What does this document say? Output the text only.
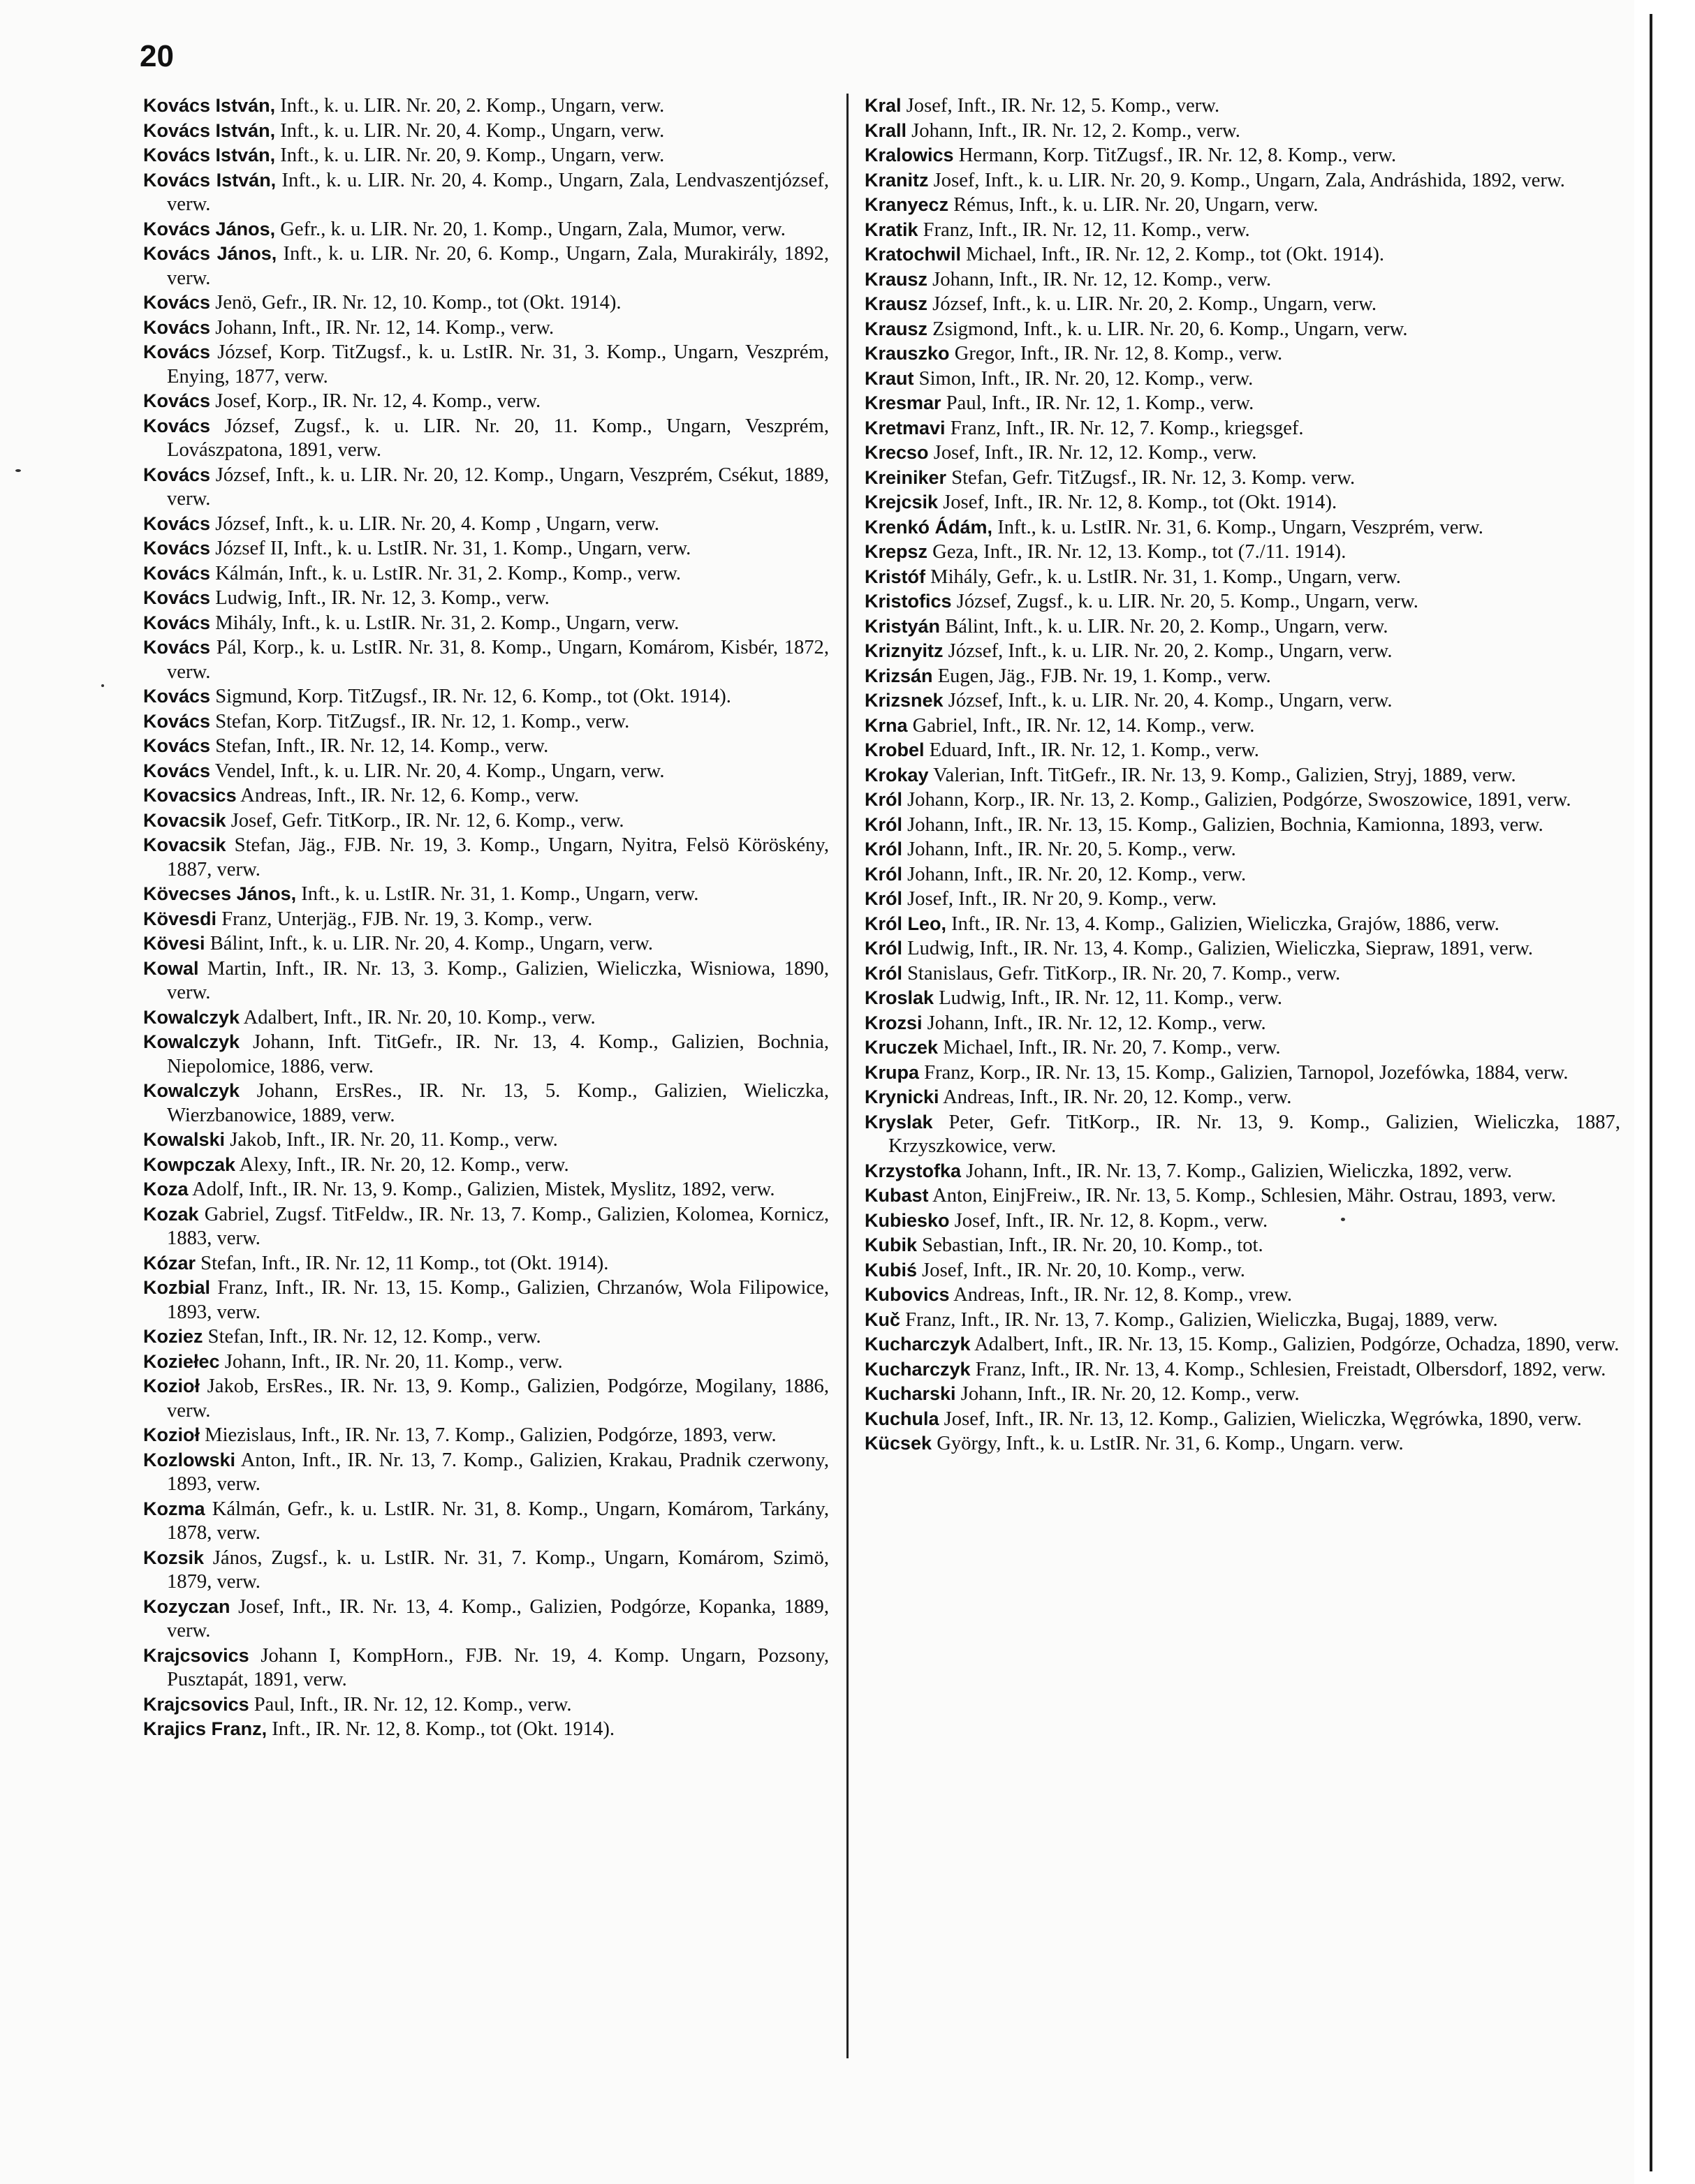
20
Kovács István, Inft., k. u. LIR. Nr. 20, 2. Komp., Ungarn, verw.
Kovács István, Inft., k. u. LIR. Nr. 20, 4. Komp., Ungarn, verw.
Kovács István, Inft., k. u. LIR. Nr. 20, 9. Komp., Ungarn, verw.
Kovács István, Inft., k. u. LIR. Nr. 20, 4. Komp., Ungarn, Zala, Lendvaszentjózsef, verw.
Kovács János, Gefr., k. u. LIR. Nr. 20, 1. Komp., Ungarn, Zala, Mumor, verw.
Kovács János, Inft., k. u. LIR. Nr. 20, 6. Komp., Ungarn, Zala, Murakirály, 1892, verw.
Kovács Jenö, Gefr., IR. Nr. 12, 10. Komp., tot (Okt. 1914).
Kovács Johann, Inft., IR. Nr. 12, 14. Komp., verw.
Kovács József, Korp. TitZugsf., k. u. LstIR. Nr. 31, 3. Komp., Ungarn, Veszprém, Enying, 1877, verw.
Kovács Josef, Korp., IR. Nr. 12, 4. Komp., verw.
Kovács József, Zugsf., k. u. LIR. Nr. 20, 11. Komp., Ungarn, Veszprém, Lovászpatona, 1891, verw.
Kovács József, Inft., k. u. LIR. Nr. 20, 12. Komp., Ungarn, Veszprém, Csékut, 1889, verw.
Kovács József, Inft., k. u. LIR. Nr. 20, 4. Komp , Ungarn, verw.
Kovács József II, Inft., k. u. LstIR. Nr. 31, 1. Komp., Ungarn, verw.
Kovács Kálmán, Inft., k. u. LstIR. Nr. 31, 2. Komp., Komp., verw.
Kovács Ludwig, Inft., IR. Nr. 12, 3. Komp., verw.
Kovács Mihály, Inft., k. u. LstIR. Nr. 31, 2. Komp., Ungarn, verw.
Kovács Pál, Korp., k. u. LstIR. Nr. 31, 8. Komp., Ungarn, Komárom, Kisbér, 1872, verw.
Kovács Sigmund, Korp. TitZugsf., IR. Nr. 12, 6. Komp., tot (Okt. 1914).
Kovács Stefan, Korp. TitZugsf., IR. Nr. 12, 1. Komp., verw.
Kovács Stefan, Inft., IR. Nr. 12, 14. Komp., verw.
Kovács Vendel, Inft., k. u. LIR. Nr. 20, 4. Komp., Ungarn, verw.
Kovacsics Andreas, Inft., IR. Nr. 12, 6. Komp., verw.
Kovacsik Josef, Gefr. TitKorp., IR. Nr. 12, 6. Komp., verw.
Kovacsik Stefan, Jäg., FJB. Nr. 19, 3. Komp., Ungarn, Nyitra, Felsö Köröskény, 1887, verw.
Kövecses János, Inft., k. u. LstIR. Nr. 31, 1. Komp., Ungarn, verw.
Kövesdi Franz, Unterjäg., FJB. Nr. 19, 3. Komp., verw.
Kövesi Bálint, Inft., k. u. LIR. Nr. 20, 4. Komp., Ungarn, verw.
Kowal Martin, Inft., IR. Nr. 13, 3. Komp., Galizien, Wieliczka, Wisniowa, 1890, verw.
Kowalczyk Adalbert, Inft., IR. Nr. 20, 10. Komp., verw.
Kowalczyk Johann, Inft. TitGefr., IR. Nr. 13, 4. Komp., Galizien, Bochnia, Niepolomice, 1886, verw.
Kowalczyk Johann, ErsRes., IR. Nr. 13, 5. Komp., Galizien, Wieliczka, Wierzbanowice, 1889, verw.
Kowalski Jakob, Inft., IR. Nr. 20, 11. Komp., verw.
Kowpczak Alexy, Inft., IR. Nr. 20, 12. Komp., verw.
Koza Adolf, Inft., IR. Nr. 13, 9. Komp., Galizien, Mistek, Myslitz, 1892, verw.
Kozak Gabriel, Zugsf. TitFeldw., IR. Nr. 13, 7. Komp., Galizien, Kolomea, Kornicz, 1883, verw.
Kózar Stefan, Inft., IR. Nr. 12, 11 Komp., tot (Okt. 1914).
Kozbial Franz, Inft., IR. Nr. 13, 15. Komp., Galizien, Chrzanów, Wola Filipowice, 1893, verw.
Koziez Stefan, Inft., IR. Nr. 12, 12. Komp., verw.
Koziełec Johann, Inft., IR. Nr. 20, 11. Komp., verw.
Kozioł Jakob, ErsRes., IR. Nr. 13, 9. Komp., Galizien, Podgórze, Mogilany, 1886, verw.
Kozioł Miezislaus, Inft., IR. Nr. 13, 7. Komp., Galizien, Podgórze, 1893, verw.
Kozlowski Anton, Inft., IR. Nr. 13, 7. Komp., Galizien, Krakau, Pradnik czerwony, 1893, verw.
Kozma Kálmán, Gefr., k. u. LstIR. Nr. 31, 8. Komp., Ungarn, Komárom, Tarkány, 1878, verw.
Kozsik János, Zugsf., k. u. LstIR. Nr. 31, 7. Komp., Ungarn, Komárom, Szimö, 1879, verw.
Kozyczan Josef, Inft., IR. Nr. 13, 4. Komp., Galizien, Podgórze, Kopanka, 1889, verw.
Krajcsovics Johann I, KompHorn., FJB. Nr. 19, 4. Komp. Ungarn, Pozsony, Pusztapát, 1891, verw.
Krajcsovics Paul, Inft., IR. Nr. 12, 12. Komp., verw.
Krajics Franz, Inft., IR. Nr. 12, 8. Komp., tot (Okt. 1914).
Kral Josef, Inft., IR. Nr. 12, 5. Komp., verw.
Krall Johann, Inft., IR. Nr. 12, 2. Komp., verw.
Kralowics Hermann, Korp. TitZugsf., IR. Nr. 12, 8. Komp., verw.
Kranitz Josef, Inft., k. u. LIR. Nr. 20, 9. Komp., Ungarn, Zala, Andráshida, 1892, verw.
Kranyecz Rémus, Inft., k. u. LIR. Nr. 20, Ungarn, verw.
Kratik Franz, Inft., IR. Nr. 12, 11. Komp., verw.
Kratochwil Michael, Inft., IR. Nr. 12, 2. Komp., tot (Okt. 1914).
Krausz Johann, Inft., IR. Nr. 12, 12. Komp., verw.
Krausz József, Inft., k. u. LIR. Nr. 20, 2. Komp., Ungarn, verw.
Krausz Zsigmond, Inft., k. u. LIR. Nr. 20, 6. Komp., Ungarn, verw.
Krauszko Gregor, Inft., IR. Nr. 12, 8. Komp., verw.
Kraut Simon, Inft., IR. Nr. 20, 12. Komp., verw.
Kresmar Paul, Inft., IR. Nr. 12, 1. Komp., verw.
Kretmavi Franz, Inft., IR. Nr. 12, 7. Komp., kriegsgef.
Krecso Josef, Inft., IR. Nr. 12, 12. Komp., verw.
Kreiniker Stefan, Gefr. TitZugsf., IR. Nr. 12, 3. Komp. verw.
Krejcsik Josef, Inft., IR. Nr. 12, 8. Komp., tot (Okt. 1914).
Krenkó Ádám, Inft., k. u. LstIR. Nr. 31, 6. Komp., Ungarn, Veszprém, verw.
Krepsz Geza, Inft., IR. Nr. 12, 13. Komp., tot (7./11. 1914).
Kristóf Mihály, Gefr., k. u. LstIR. Nr. 31, 1. Komp., Ungarn, verw.
Kristofics József, Zugsf., k. u. LIR. Nr. 20, 5. Komp., Ungarn, verw.
Kristyán Bálint, Inft., k. u. LIR. Nr. 20, 2. Komp., Ungarn, verw.
Kriznyitz József, Inft., k. u. LIR. Nr. 20, 2. Komp., Ungarn, verw.
Krizsán Eugen, Jäg., FJB. Nr. 19, 1. Komp., verw.
Krizsnek József, Inft., k. u. LIR. Nr. 20, 4. Komp., Ungarn, verw.
Krna Gabriel, Inft., IR. Nr. 12, 14. Komp., verw.
Krobel Eduard, Inft., IR. Nr. 12, 1. Komp., verw.
Krokay Valerian, Inft. TitGefr., IR. Nr. 13, 9. Komp., Galizien, Stryj, 1889, verw.
Król Johann, Korp., IR. Nr. 13, 2. Komp., Galizien, Podgórze, Swoszowice, 1891, verw.
Król Johann, Inft., IR. Nr. 13, 15. Komp., Galizien, Bochnia, Kamionna, 1893, verw.
Król Johann, Inft., IR. Nr. 20, 5. Komp., verw.
Król Johann, Inft., IR. Nr. 20, 12. Komp., verw.
Król Josef, Inft., IR. Nr 20, 9. Komp., verw.
Król Leo, Inft., IR. Nr. 13, 4. Komp., Galizien, Wieliczka, Grajów, 1886, verw.
Król Ludwig, Inft., IR. Nr. 13, 4. Komp., Galizien, Wieliczka, Siepraw, 1891, verw.
Król Stanislaus, Gefr. TitKorp., IR. Nr. 20, 7. Komp., verw.
Kroslak Ludwig, Inft., IR. Nr. 12, 11. Komp., verw.
Krozsi Johann, Inft., IR. Nr. 12, 12. Komp., verw.
Kruczek Michael, Inft., IR. Nr. 20, 7. Komp., verw.
Krupa Franz, Korp., IR. Nr. 13, 15. Komp., Galizien, Tarnopol, Jozefówka, 1884, verw.
Krynicki Andreas, Inft., IR. Nr. 20, 12. Komp., verw.
Kryslak Peter, Gefr. TitKorp., IR. Nr. 13, 9. Komp., Galizien, Wieliczka, 1887, Krzyszkowice, verw.
Krzystofka Johann, Inft., IR. Nr. 13, 7. Komp., Galizien, Wieliczka, 1892, verw.
Kubast Anton, EinjFreiw., IR. Nr. 13, 5. Komp., Schlesien, Mähr. Ostrau, 1893, verw.
Kubiesko Josef, Inft., IR. Nr. 12, 8. Kopm., verw.
Kubik Sebastian, Inft., IR. Nr. 20, 10. Komp., tot.
Kubiś Josef, Inft., IR. Nr. 20, 10. Komp., verw.
Kubovics Andreas, Inft., IR. Nr. 12, 8. Komp., vrew.
Kuč Franz, Inft., IR. Nr. 13, 7. Komp., Galizien, Wieliczka, Bugaj, 1889, verw.
Kucharczyk Adalbert, Inft., IR. Nr. 13, 15. Komp., Galizien, Podgórze, Ochadza, 1890, verw.
Kucharczyk Franz, Inft., IR. Nr. 13, 4. Komp., Schlesien, Freistadt, Olbersdorf, 1892, verw.
Kucharski Johann, Inft., IR. Nr. 20, 12. Komp., verw.
Kuchula Josef, Inft., IR. Nr. 13, 12. Komp., Galizien, Wieliczka, Węgrówka, 1890, verw.
Kücsek György, Inft., k. u. LstIR. Nr. 31, 6. Komp., Ungarn. verw.
